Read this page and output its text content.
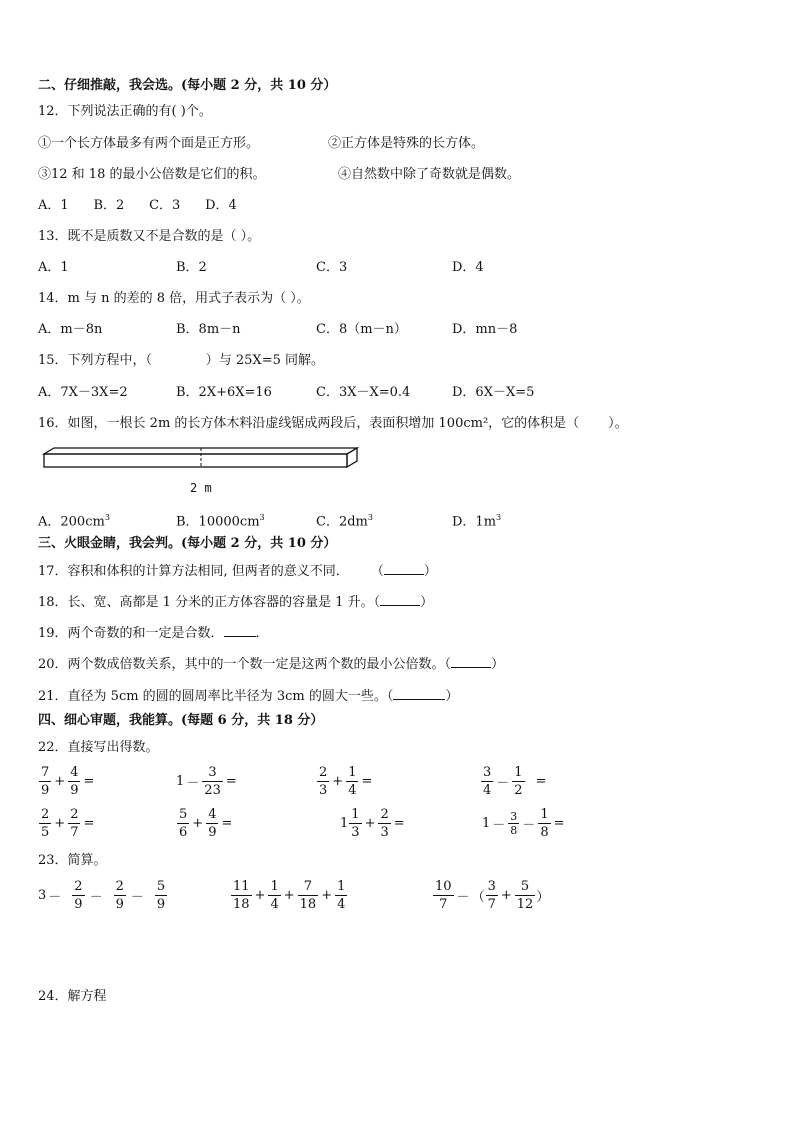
二、仔细推敲，我会选。(每小题 2 分，共 10 分）
12．下列说法正确的有( )个。
①一个长方体最多有两个面是正方形。	②正方体是特殊的长方体。
③12 和 18 的最小公倍数是它们的积。	④自然数中除了奇数就是偶数。
A．1      B．2      C．3      D．4
13．既不是质数又不是合数的是（ ）。
A．1	B．2	C．3	D．4
14．m 与 n 的差的 8 倍，用式子表示为（ ）。
A．m－8n	B．8m－n	C．8（m－n）	D．mn－8
15．下列方程中，（             ）与 25X=5 同解。
A．7X－3X=2	B．2X+6X=16	C．3X－X=0.4	D．6X－X=5
16．如图，一根长 2m 的长方体木料沿虚线锯成两段后，表面积增加 100cm²，它的体积是（       ）。
2 m
A．$200cm^3$	B．$10000cm^3$	C．$2dm^3$	D．$1m^3$
三、火眼金睛，我会判。(每小题 2 分，共 10 分）
17．容积和体积的计算方法相同, 但两者的意义不同． （	）
18．长、宽、高都是 1 分米的正方体容器的容量是 1 升。（	）
19．两个奇数的和一定是合数． ．
20．两个数成倍数关系，其中的一个数一定是这两个数的最小公倍数。（	）
21．直径为 5cm 的圆的圆周率比半径为 3cm 的圆大一些。（	）
四、细心审题，我能算。(每题 6 分，共 18 分）
22．直接写出得数。
$\frac{7}{9} + \frac{4}{9}$ =	$1 - \frac{3}{23}$ =	$\frac{2}{3} + \frac{1}{4}$ =	$\frac{3}{4} - \frac{1}{2}$ =
$\frac{2}{5} + \frac{2}{7}$ =	$\frac{5}{6} + \frac{4}{9}$ =	$1 \frac{1}{3} + \frac{2}{3}$ =	$1 - \frac{3}{8} - \frac{1}{8}$ =
23．简算。
$3 - \frac{2}{9} - \frac{2}{9} - \frac{5}{9}$	$\frac{11}{18} + \frac{1}{4} + \frac{7}{18} + \frac{1}{4}$	$\frac{10}{7}$ － （ $\frac{3}{7} + \frac{5}{12}$ ）
24．解方程
